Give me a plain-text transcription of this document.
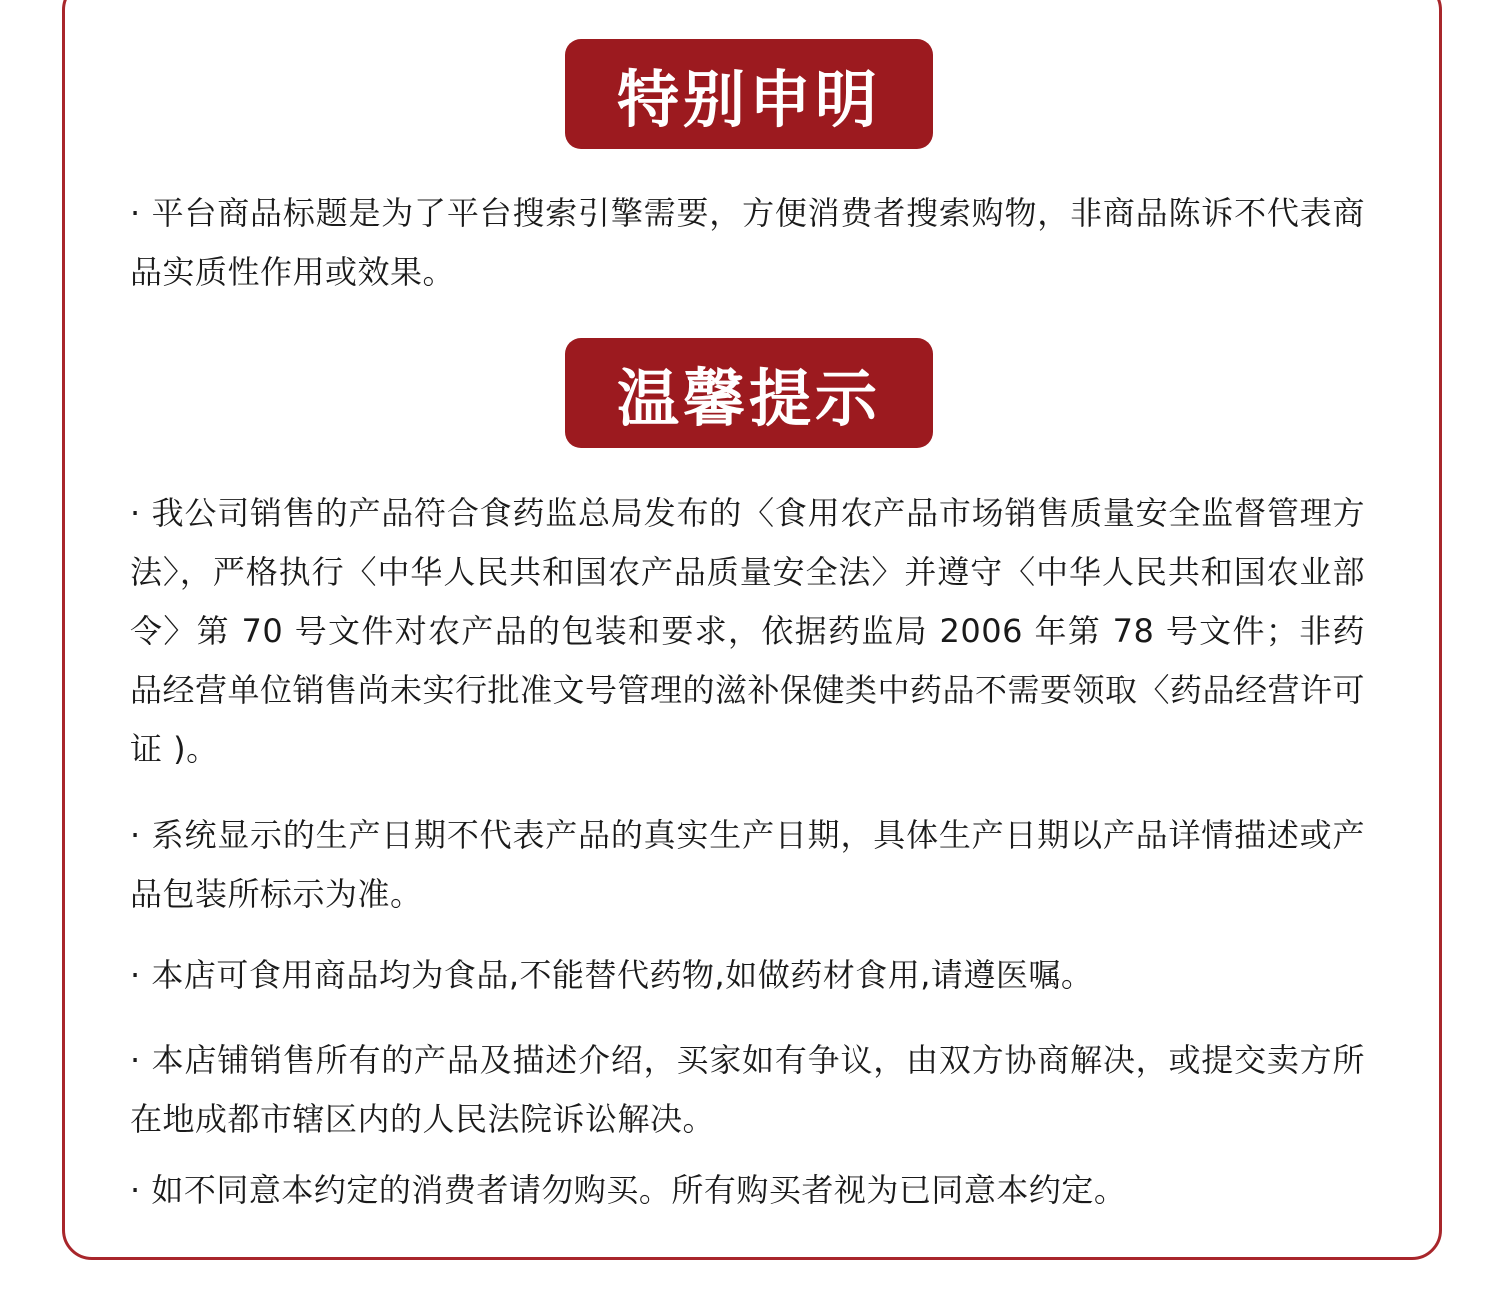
特别申明

· 平台商品标题是为了平台搜索引擎需要，方便消费者搜索购物，非商品陈诉不代表商品实质性作用或效果。

温馨提示

· 我公司销售的产品符合食药监总局发布的〈食用农产品市场销售质量安全监督管理方法〉，严格执行〈中华人民共和国农产品质量安全法〉并遵守〈中华人民共和国农业部令〉第 70 号文件对农产品的包装和要求，依据药监局 2006 年第 78 号文件；非药品经营单位销售尚未实行批准文号管理的滋补保健类中药品不需要领取〈药品经营许可证 )。

· 系统显示的生产日期不代表产品的真实生产日期，具体生产日期以产品详情描述或产品包装所标示为准。

· 本店可食用商品均为食品,不能替代药物,如做药材食用,请遵医嘱。

· 本店铺销售所有的产品及描述介绍，买家如有争议，由双方协商解决，或提交卖方所在地成都市辖区内的人民法院诉讼解决。

· 如不同意本约定的消费者请勿购买。所有购买者视为已同意本约定。
